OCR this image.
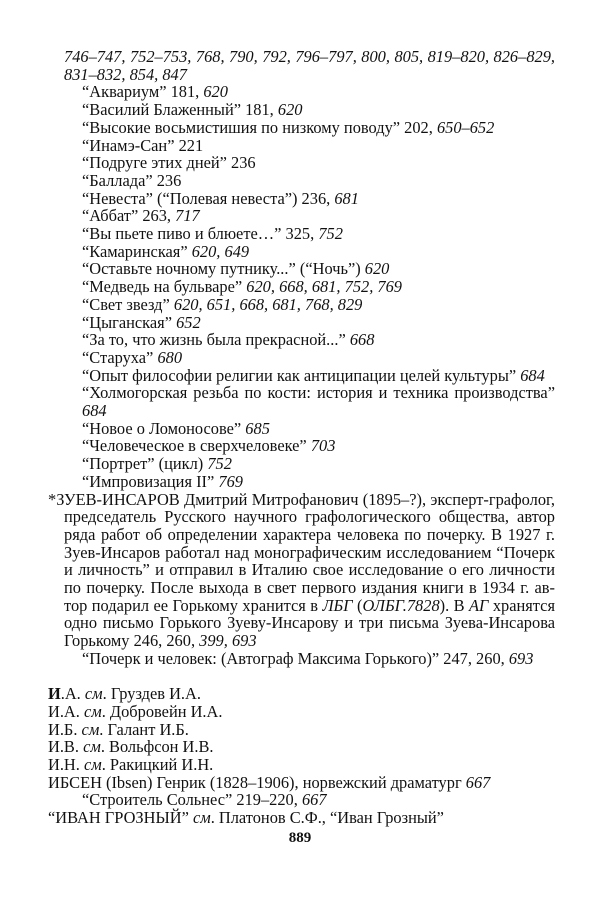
746–747, 752–753, 768, 790, 792, 796–797, 800, 805, 819–820, 826–829,
831–832, 854, 847
“Аквариум” 181, 620
“Василий Блаженный” 181, 620
“Высокие восьмистишия по низкому поводу” 202, 650–652
“Инамэ-Сан” 221
“Подруге этих дней” 236
“Баллада” 236
“Невеста” (“Полевая невеста”) 236, 681
“Аббат” 263, 717
“Вы пьете пиво и блюете…” 325, 752
“Камаринская” 620, 649
“Оставьте ночному путнику...” (“Ночь”) 620
“Медведь на бульваре” 620, 668, 681, 752, 769
“Свет звезд” 620, 651, 668, 681, 768, 829
“Цыганская” 652
“За то, что жизнь была прекрасной...” 668
“Старуха” 680
“Опыт философии религии как антиципации целей культуры” 684
“Холмогорская резьба по кости: история и техника производства”
684
“Новое о Ломоносове” 685
“Человеческое в сверхчеловеке” 703
“Портрет” (цикл) 752
“Импровизация II” 769
*ЗУЕВ-ИНСАРОВ Дмитрий Митрофанович (1895–?), эксперт-графолог,
председатель Русского научного графологического общества, автор
ряда работ об определении характера человека по почерку. В 1927 г.
Зуев-Инсаров работал над монографическим исследованием “Почерк
и личность” и отправил в Италию свое исследование о его личности
по почерку. После выхода в свет первого издания книги в 1934 г. ав-
тор подарил ее Горькому хранится в ЛБГ (ОЛБГ.7828). В АГ хранятся
одно письмо Горького Зуеву-Инсарову и три письма Зуева-Инсарова
Горькому 246, 260, 399, 693
“Почерк и человек: (Автограф Максима Горького)” 247, 260, 693
И.А. см. Груздев И.А.
И.А. см. Добровейн И.А.
И.Б. см. Галант И.Б.
И.В. см. Вольфсон И.В.
И.Н. см. Ракицкий И.Н.
ИБСЕН (Ibsen) Генрик (1828–1906), норвежский драматург 667
“Строитель Сольнес” 219–220, 667
“ИВАН ГРОЗНЫЙ” см. Платонов С.Ф., “Иван Грозный”
889
